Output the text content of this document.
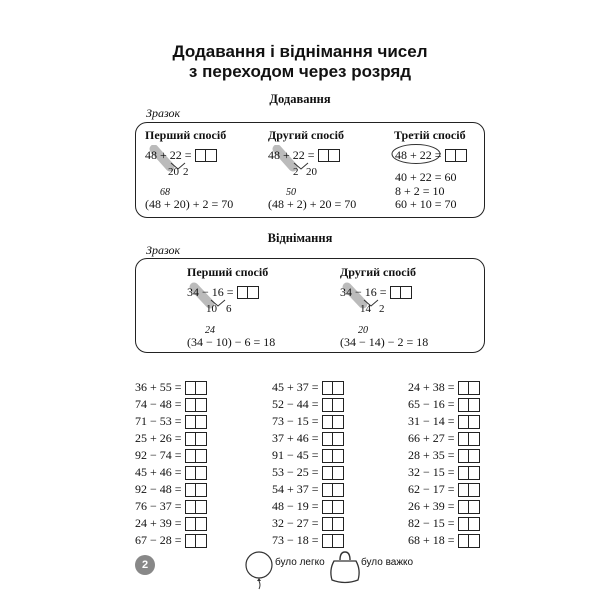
Додавання і віднімання чисел
з переходом через розряд
Додавання
Зразок
Перший спосіб
48 + 22 =
20 2
68
(48 + 20) + 2 = 70
Другий спосіб
48 + 22 =
2 20
50
(48 + 2) + 20 = 70
Третій спосіб
48 + 22 =
40 + 22 = 60
8 + 2 = 10
60 + 10 = 70
Віднімання
Зразок
Перший спосіб
34 − 16 =
10 6
24
(34 − 10) − 6 = 18
Другий спосіб
34 − 16 =
14 2
20
(34 − 14) − 2 = 18
36 + 55 =
74 − 48 =
71 − 53 =
25 + 26 =
92 − 74 =
45 + 46 =
92 − 48 =
76 − 37 =
24 + 39 =
67 − 28 =
45 + 37 =
52 − 44 =
73 − 15 =
37 + 46 =
91 − 45 =
53 − 25 =
54 + 37 =
48 − 19 =
32 − 27 =
73 − 18 =
24 + 38 =
65 − 16 =
31 − 14 =
66 + 27 =
28 + 35 =
32 − 15 =
62 − 17 =
26 + 39 =
82 − 15 =
68 + 18 =
2	було легко	було важко
